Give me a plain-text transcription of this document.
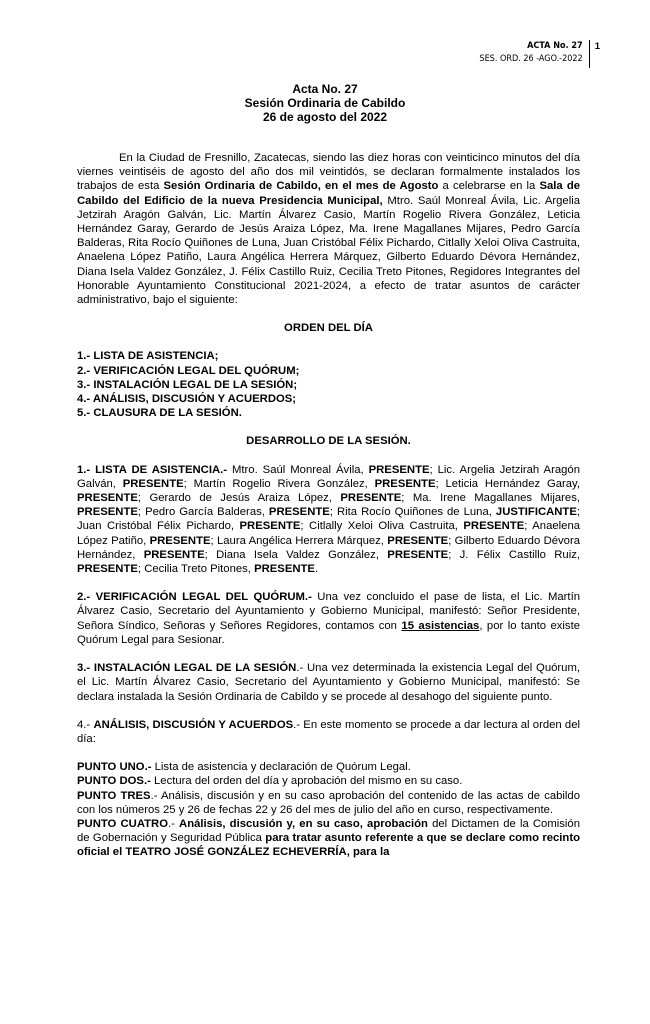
ACTA No. 27
SES. ORD. 26 -AGO.-2022
1
Acta No. 27
Sesión Ordinaria de Cabildo
26 de agosto del 2022

En la Ciudad de Fresnillo, Zacatecas, siendo las diez horas con veinticinco minutos del día viernes veintiséis de agosto del año dos mil veintidós, se declaran formalmente instalados los trabajos de esta Sesión Ordinaria de Cabildo, en el mes de Agosto a celebrarse en la Sala de Cabildo del Edificio de la nueva Presidencia Municipal, Mtro. Saúl Monreal Ávila, Lic. Argelia Jetzirah Aragón Galván, Lic. Martín Álvarez Casio, Martín Rogelio Rivera González, Leticia Hernández Garay, Gerardo de Jesús Araiza López, Ma. Irene Magallanes Mijares, Pedro García Balderas, Rita Rocío Quiñones de Luna, Juan Cristóbal Félix Pichardo, Citlally Xeloi Oliva Castruita, Anaelena López Patiño, Laura Angélica Herrera Márquez, Gilberto Eduardo Dévora Hernández, Diana Isela Valdez González, J. Félix Castillo Ruiz, Cecilia Treto Pitones, Regidores Integrantes del Honorable Ayuntamiento Constitucional 2021-2024, a efecto de tratar asuntos de carácter administrativo, bajo el siguiente:

ORDEN DEL DÍA
1.- LISTA DE ASISTENCIA;
2.- VERIFICACIÓN LEGAL DEL QUÓRUM;
3.- INSTALACIÓN LEGAL DE LA SESIÓN;
4.- ANÁLISIS, DISCUSIÓN Y ACUERDOS;
5.- CLAUSURA DE LA SESIÓN.
DESARROLLO DE LA SESIÓN.

1.- LISTA DE ASISTENCIA.- Mtro. Saúl Monreal Ávila, PRESENTE; Lic. Argelia Jetzirah Aragón Galván, PRESENTE; Martín Rogelio Rivera González, PRESENTE; Leticia Hernández Garay, PRESENTE; Gerardo de Jesús Araiza López, PRESENTE; Ma. Irene Magallanes Mijares, PRESENTE; Pedro García Balderas, PRESENTE; Rita Rocío Quiñones de Luna, JUSTIFICANTE; Juan Cristóbal Félix Pichardo, PRESENTE; Citlally Xeloi Oliva Castruita, PRESENTE; Anaelena López Patiño, PRESENTE; Laura Angélica Herrera Márquez, PRESENTE; Gilberto Eduardo Dévora Hernández, PRESENTE; Diana Isela Valdez González, PRESENTE; J. Félix Castillo Ruiz, PRESENTE; Cecilia Treto Pitones, PRESENTE.

2.- VERIFICACIÓN LEGAL DEL QUÓRUM.- Una vez concluido el pase de lista, el Lic. Martín Álvarez Casio, Secretario del Ayuntamiento y Gobierno Municipal, manifestó: Señor Presidente, Señora Síndico, Señoras y Señores Regidores, contamos con 15 asistencias, por lo tanto existe Quórum Legal para Sesionar.

3.- INSTALACIÓN LEGAL DE LA SESIÓN.- Una vez determinada la existencia Legal del Quórum, el Lic. Martín Álvarez Casio, Secretario del Ayuntamiento y Gobierno Municipal, manifestó: Se declara instalada la Sesión Ordinaria de Cabildo y se procede al desahogo del siguiente punto.

4.- ANÁLISIS, DISCUSIÓN Y ACUERDOS.- En este momento se procede a dar lectura al orden del día:

PUNTO UNO.- Lista de asistencia y declaración de Quórum Legal.

PUNTO DOS.- Lectura del orden del día y aprobación del mismo en su caso.

PUNTO TRES.- Análisis, discusión y en su caso aprobación del contenido de las actas de cabildo con los números 25 y 26 de fechas 22 y 26 del mes de julio del año en curso, respectivamente.

PUNTO CUATRO.- Análisis, discusión y, en su caso, aprobación del Dictamen de la Comisión de Gobernación y Seguridad Pública para tratar asunto referente a que se declare como recinto oficial el TEATRO JOSÉ GONZÁLEZ ECHEVERRÍA, para la
